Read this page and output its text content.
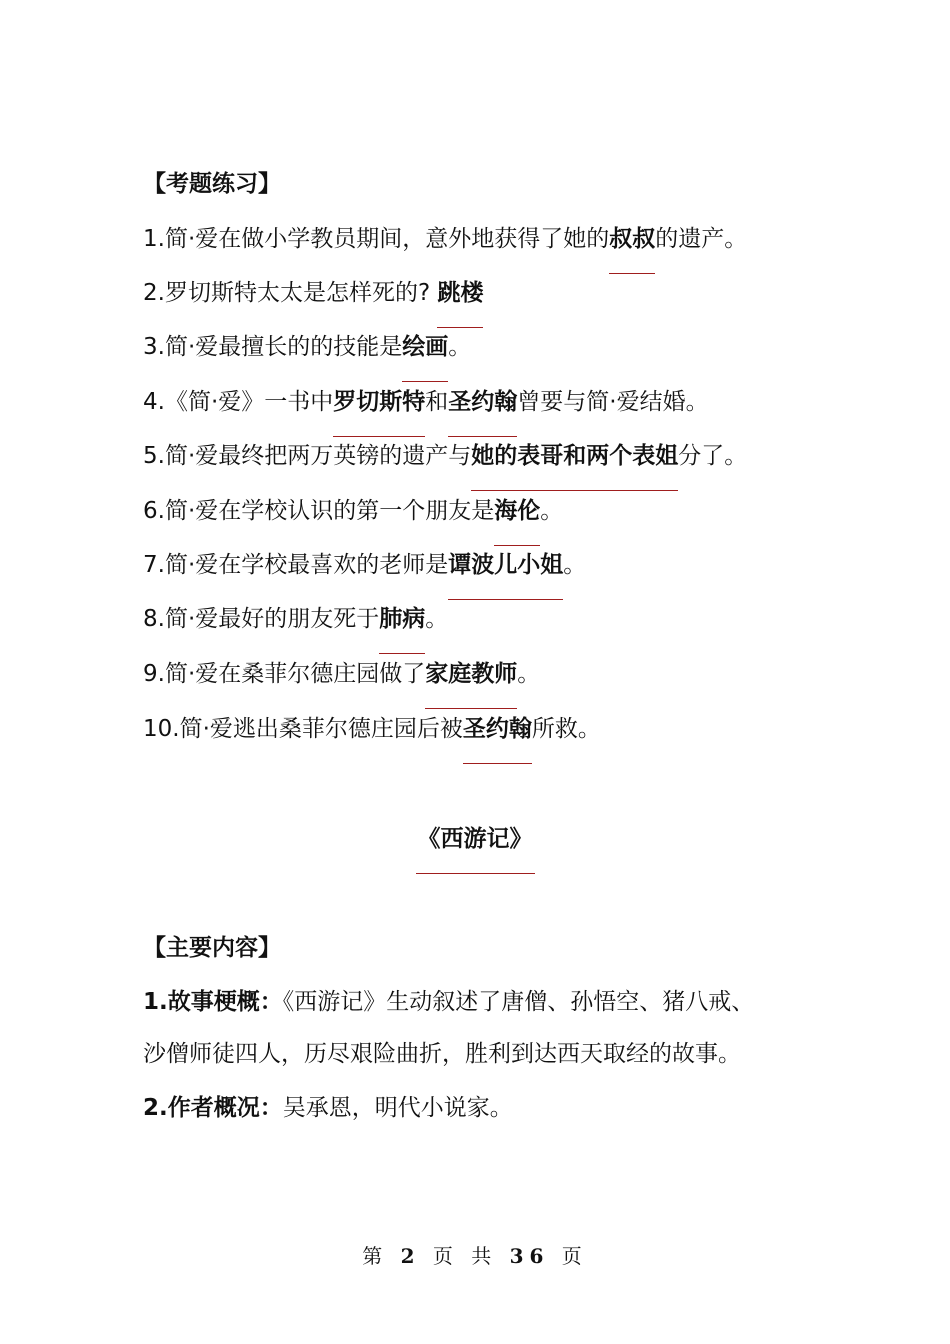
【考题练习】
1.简·爱在做小学教员期间，意外地获得了她的叔叔的遗产。
2.罗切斯特太太是怎样死的? 跳楼
3.简·爱最擅长的的技能是绘画。
4.《简·爱》一书中罗切斯特和圣约翰曾要与简·爱结婚。
5.简·爱最终把两万英镑的遗产与她的表哥和两个表姐分了。
6.简·爱在学校认识的第一个朋友是海伦。
7.简·爱在学校最喜欢的老师是谭波儿小姐。
8.简·爱最好的朋友死于肺病。
9.简·爱在桑菲尔德庄园做了家庭教师。
10.简·爱逃出桑菲尔德庄园后被圣约翰所救。
《西游记》
【主要内容】
1.故事梗概：《西游记》生动叙述了唐僧、孙悟空、猪八戒、
沙僧师徒四人，历尽艰险曲折，胜利到达西天取经的故事。
2.作者概况：吴承恩，明代小说家。
第 2 页 共 36 页
